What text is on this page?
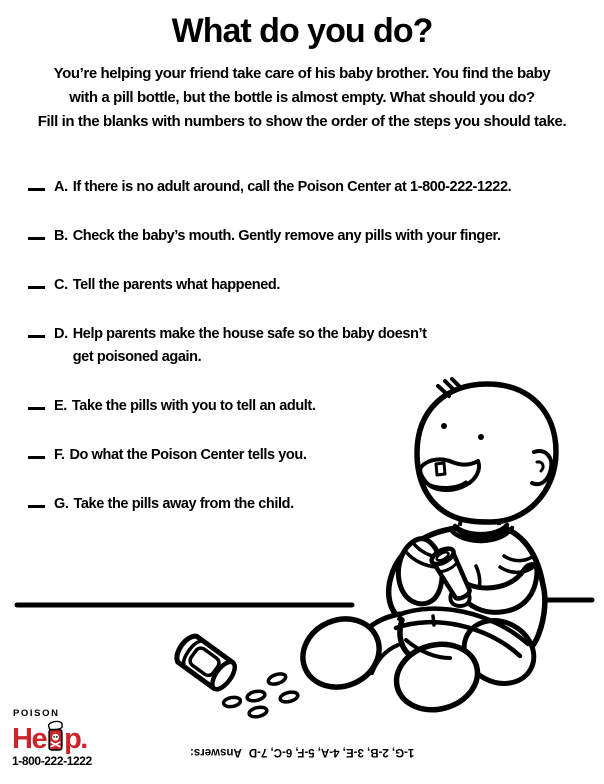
What do you do?
You’re helping your friend take care of his baby brother. You find the baby
with a pill bottle, but the bottle is almost empty. What should you do?
Fill in the blanks with numbers to show the order of the steps you should take.
A. If there is no adult around, call the Poison Center at 1-800-222-1222.
B. Check the baby’s mouth. Gently remove any pills with your finger.
C. Tell the parents what happened.
D. Help parents make the house safe so the baby doesn’t
get poisoned again.
E. Take the pills with you to tell an adult.
F. Do what the Poison Center tells you.
G. Take the pills away from the child.
POISON
He p.
1-800-222-1222
1-G, 2-B, 3-E, 4-A, 5-F, 6-C, 7-DAnswers:
